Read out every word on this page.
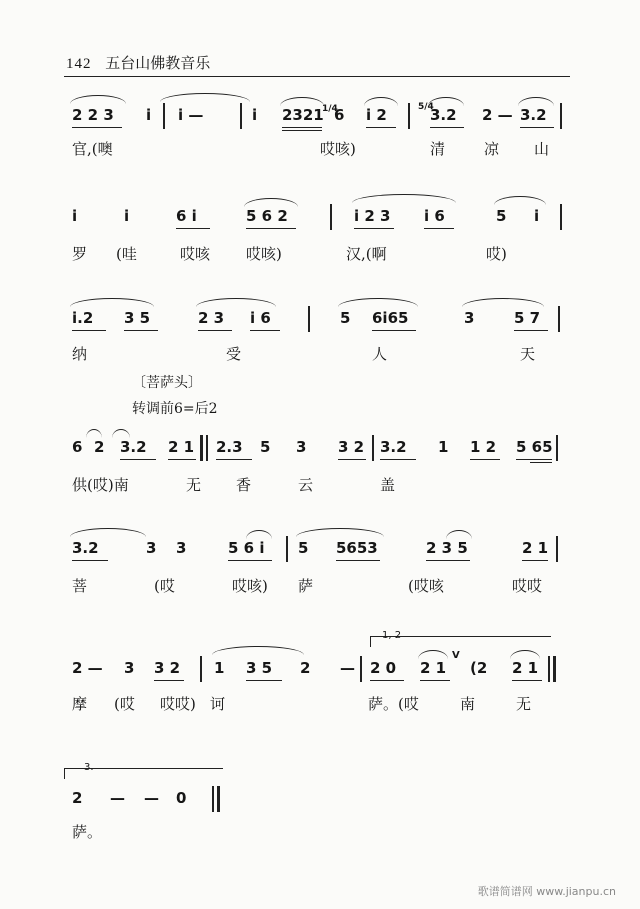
142 五台山佛教音乐
2 2 3 i i —	i 2321
1/4
6 i 2	5/4
3.2 2 — 3.2
官,(噢	哎咳)	清	凉 山
i	i	6 i	5 6 2	i 2 3 i 6	5 i
罗 (哇	哎咳 哎咳)	汉,(啊	哎)
i.2 3 5	2 3 i 6	5 6i65	3	5 7
纳	受	人	天
〔菩萨头〕
转调前6=后2
6 2 3.2 2 1 2.3 5 3 3 2 3.2 1 1 2 5 65
供(哎)南	无 香	云	盖
3.2	3 3	5 6 i 5 5653	2 3 5	2 1
菩	(哎	哎咳) 萨	(哎咳	哎哎
1, 2
2 — 3 3 2 1 3 5 2 — 2 0 2 1
V
(2 2 1
摩 (哎 哎哎) 诃	萨。(哎	南	无
3.
2 — — 0
萨。
歌谱简谱网 www.jianpu.cn
